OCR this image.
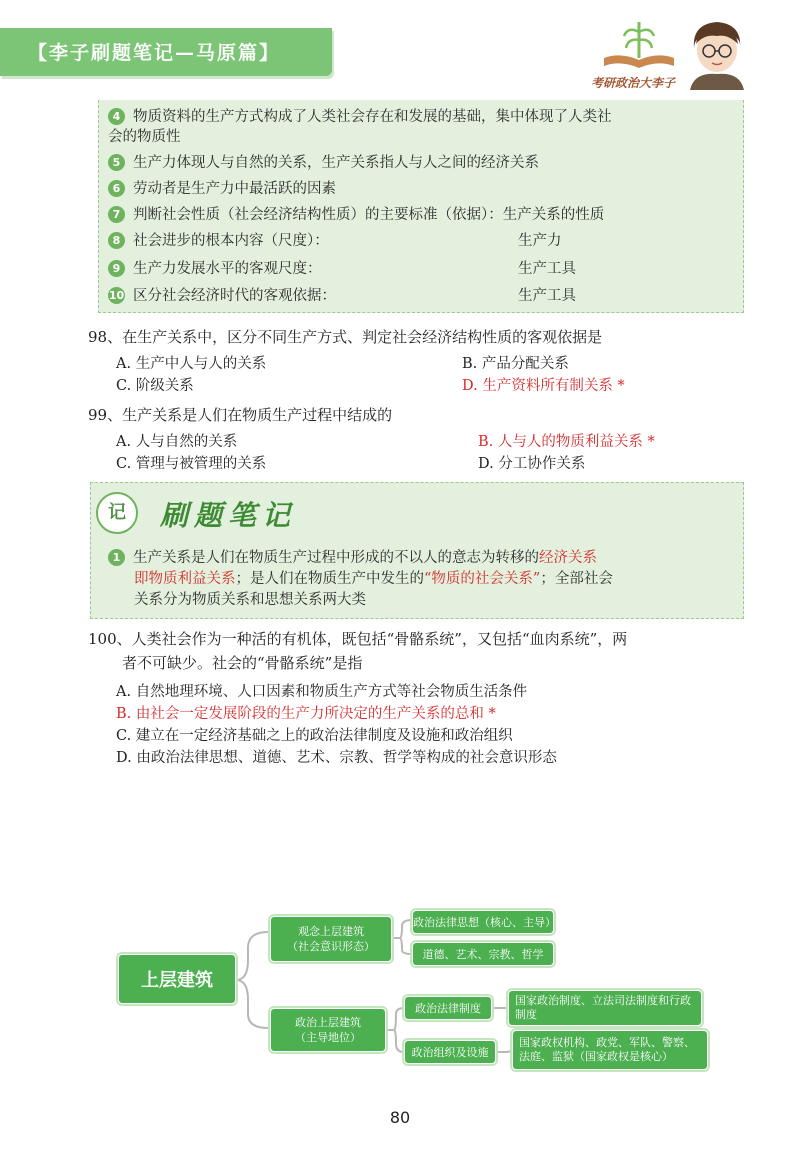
【李子刷题笔记—马原篇】
考研政治大李子
4 物质资料的生产方式构成了人类社会存在和发展的基础，集中体现了人类社
会的物质性
5 生产力体现人与自然的关系，生产关系指人与人之间的经济关系
6 劳动者是生产力中最活跃的因素
7 判断社会性质（社会经济结构性质）的主要标准（依据）：生产关系的性质
8 社会进步的根本内容（尺度）：	生产力
9 生产力发展水平的客观尺度：	生产工具
10 区分社会经济时代的客观依据：	生产工具
98、在生产关系中，区分不同生产方式、判定社会经济结构性质的客观依据是
A. 生产中人与人的关系	B. 产品分配关系
C. 阶级关系	D. 生产资料所有制关系 *
99、生产关系是人们在物质生产过程中结成的
A. 人与自然的关系	B. 人与人的物质利益关系 *
C. 管理与被管理的关系	D. 分工协作关系
记	刷题笔记
1 生产关系是人们在物质生产过程中形成的不以人的意志为转移的经济关系
即物质利益关系；是人们在物质生产中发生的“物质的社会关系”；全部社会
关系分为物质关系和思想关系两大类
100、人类社会作为一种活的有机体，既包括“骨骼系统”，又包括“血肉系统”，两
者不可缺少。社会的“骨骼系统”是指
A. 自然地理环境、人口因素和物质生产方式等社会物质生活条件
B. 由社会一定发展阶段的生产力所决定的生产关系的总和 *
C. 建立在一定经济基础之上的政治法律制度及设施和政治组织
D. 由政治法律思想、道德、艺术、宗教、哲学等构成的社会意识形态
上层建筑
观念上层建筑
（社会意识形态）
政治法律思想（核心、主导）
道德、艺术、宗教、哲学
政治上层建筑
（主导地位）
政治法律制度
国家政治制度、立法司法制度和行政制度
政治组织及设施
国家政权机构、政党、军队、警察、法庭、监狱（国家政权是核心）
80
